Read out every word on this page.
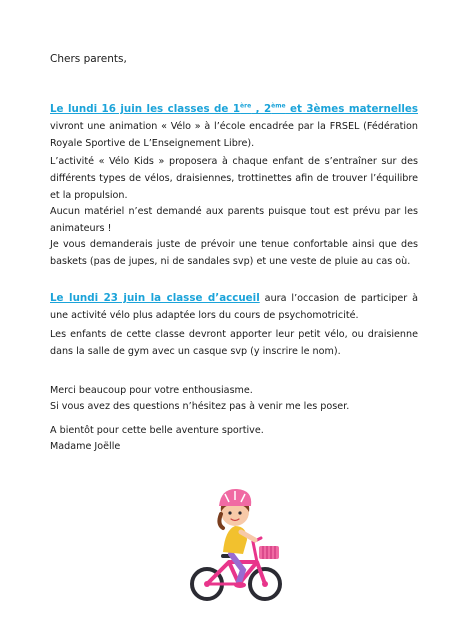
Chers parents,
Le lundi 16 juin les classes de 1ère , 2ème et 3èmes maternelles vivront une animation « Vélo » à l’école encadrée par la FRSEL (Fédération Royale Sportive de L’Enseignement Libre).
L’activité « Vélo Kids » proposera à chaque enfant de s’entraîner sur des différents types de vélos, draisiennes, trottinettes afin de trouver l’équilibre et la propulsion.
Aucun matériel n’est demandé aux parents puisque tout est prévu par les animateurs !
Je vous demanderais juste de prévoir une tenue confortable ainsi que des baskets (pas de jupes, ni de sandales svp) et une veste de pluie au cas où.
Le lundi 23 juin la classe d’accueil aura l’occasion de participer à une activité vélo plus adaptée lors du cours de psychomotricité.
Les enfants de cette classe devront apporter leur petit vélo, ou draisienne dans la salle de gym avec un casque svp (y inscrire le nom).
Merci beaucoup pour votre enthousiasme.
Si vous avez des questions n’hésitez pas à venir me les poser.
A bientôt pour cette belle aventure sportive.
Madame Joëlle
